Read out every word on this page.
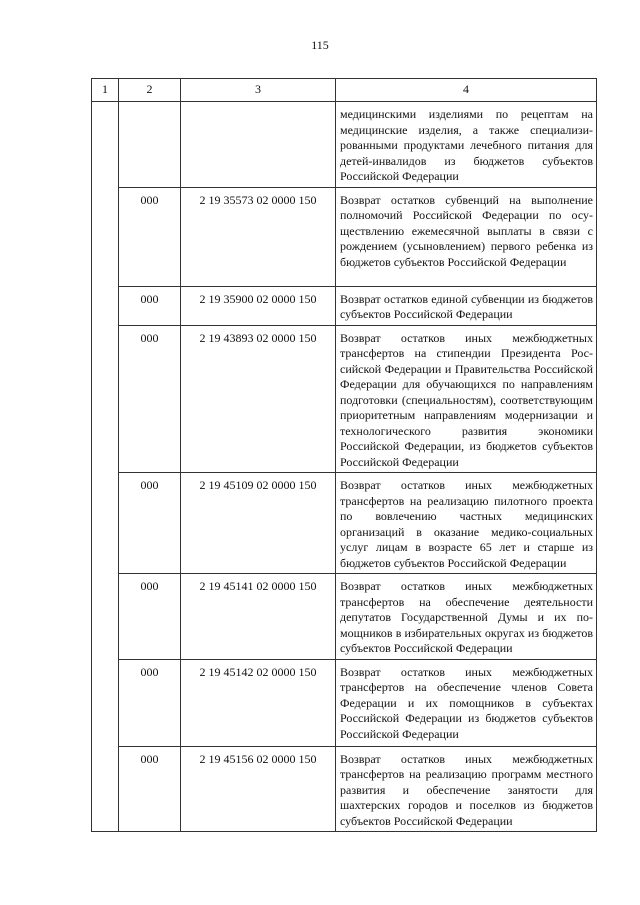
115
1	2	3	4

			медицинскими изделиями по рецептам на медицинские изделия, а также специализированными продуктами лечебного питания для детей-инвалидов из бюджетов субъектов Российской Федерации

	000	2 19 35573 02 0000 150	Возврат остатков субвенций на выполнение полномочий Российской Федерации по осуществлению ежемесячной выплаты в связи с рождением (усыновлением) первого ребенка из бюджетов субъектов Российской Федерации

	000	2 19 35900 02 0000 150	Возврат остатков единой субвенции из бюджетов субъектов Российской Федерации

	000	2 19 43893 02 0000 150	Возврат остатков иных межбюджетных трансфертов на стипендии Президента Российской Федерации и Правительства Российской Федерации для обучающихся по направлениям подготовки (специальностям), соответствующим приоритетным направлениям модернизации и технологического развития экономики Российской Федерации, из бюджетов субъектов Российской Федерации

	000	2 19 45109 02 0000 150	Возврат остатков иных межбюджетных трансфертов на реализацию пилотного проекта по вовлечению частных медицинских организаций в оказание медико-социальных услуг лицам в возрасте 65 лет и старше из бюджетов субъектов Российской Федерации

	000	2 19 45141 02 0000 150	Возврат остатков иных межбюджетных трансфертов на обеспечение деятельности депутатов Государственной Думы и их помощников в избирательных округах из бюджетов субъектов Российской Федерации

	000	2 19 45142 02 0000 150	Возврат остатков иных межбюджетных трансфертов на обеспечение членов Совета Федерации и их помощников в субъектах Российской Федерации из бюджетов субъектов Российской Федерации

	000	2 19 45156 02 0000 150	Возврат остатков иных межбюджетных трансфертов на реализацию программ местного развития и обеспечение занятости для шахтерских городов и поселков из бюджетов субъектов Российской Федерации
